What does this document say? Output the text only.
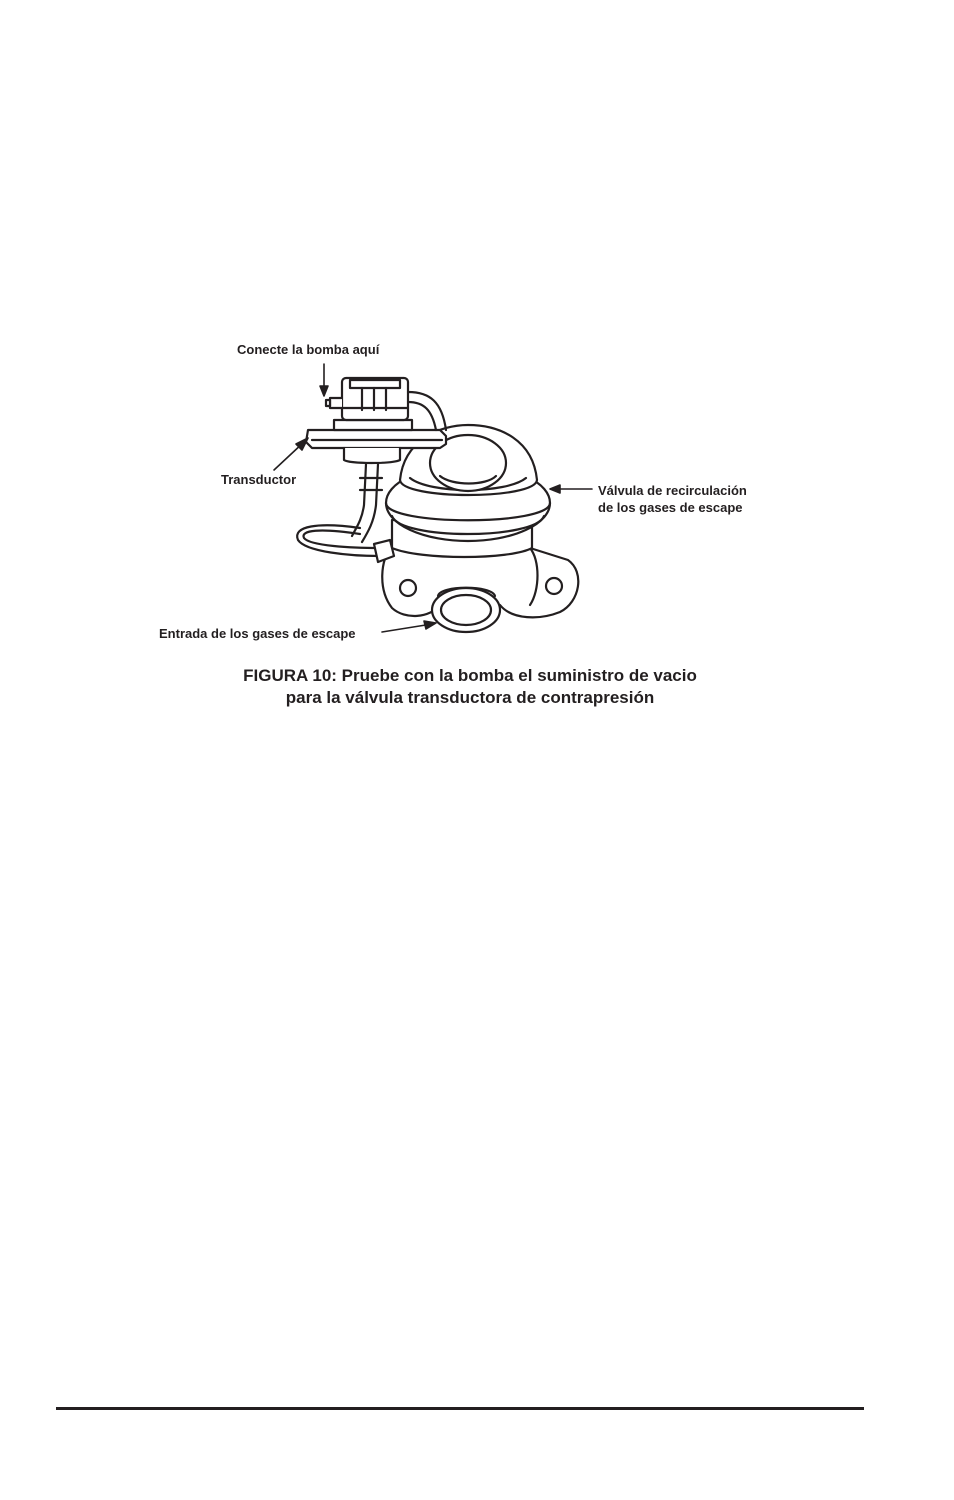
Conecte la bomba aquí
Transductor
Válvula de recirculación
de los gases de escape
Entrada de los gases de escape
FIGURA 10: Pruebe con la bomba el suministro de vacio
para la válvula transductora de contrapresión
